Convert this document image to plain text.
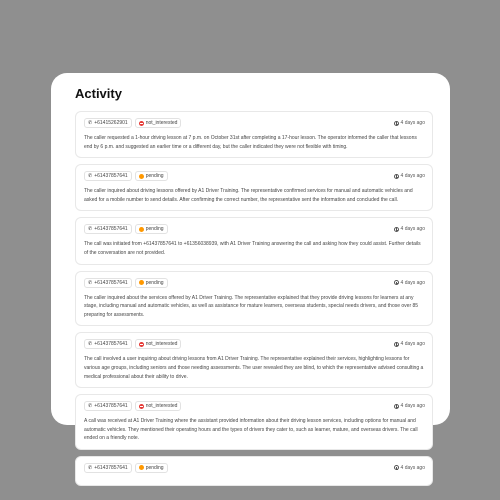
Activity
✆ +61415262901	not_interested	4 days ago
The caller requested a 1-hour driving lesson at 7 p.m. on October 31st after completing a 17-hour lesson. The operator informed the caller that lessons end by 6 p.m. and suggested an earlier time or a different day, but the caller indicated they were not flexible with timing.
✆ +61437857641	pending	4 days ago
The caller inquired about driving lessons offered by A1 Driver Training. The representative confirmed services for manual and automatic vehicles and asked for a mobile number to send details. After confirming the correct number, the representative sent the information and concluded the call.
✆ +61437857641	pending	4 days ago
The call was initiated from +61437857641 to +61356038939, with A1 Driver Training answering the call and asking how they could assist. Further details of the conversation are not provided.
✆ +61437857641	pending	4 days ago
The caller inquired about the services offered by A1 Driver Training. The representative explained that they provide driving lessons for learners at any stage, including manual and automatic vehicles, as well as assistance for mature learners, overseas students, special needs drivers, and those over 85 preparing for assessments.
✆ +61437857641	not_interested	4 days ago
The call involved a user inquiring about driving lessons from A1 Driver Training. The representative explained their services, highlighting lessons for various age groups, including seniors and those needing assessments. The user revealed they are blind, to which the representative advised consulting a medical professional about their ability to drive.
✆ +61437857641	not_interested	4 days ago
A call was received at A1 Driver Training where the assistant provided information about their driving lesson services, including options for manual and automatic vehicles. They mentioned their operating hours and the types of drivers they cater to, such as learner, mature, and overseas drivers. The call ended on a friendly note.
✆ +61437857641	pending	4 days ago
